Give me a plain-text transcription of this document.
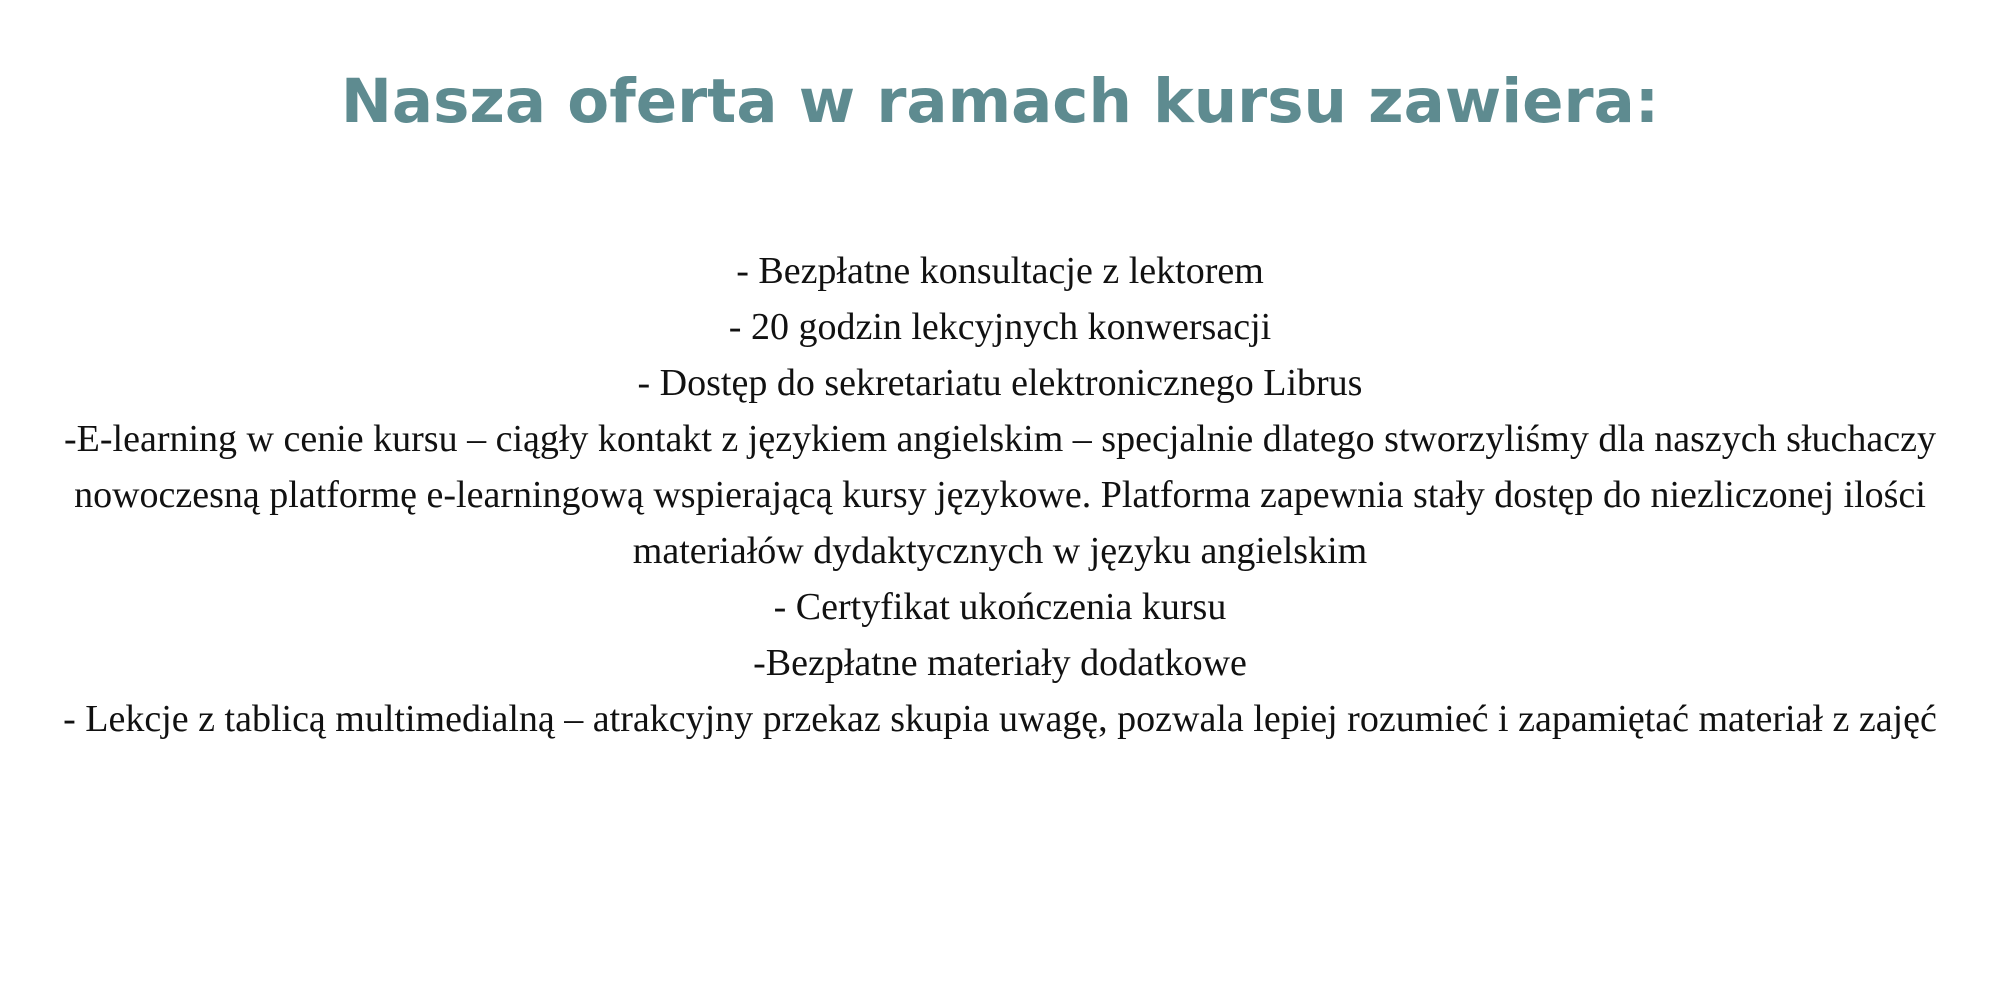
Nasza oferta w ramach kursu zawiera:

- Bezpłatne konsultacje z lektorem

- 20 godzin lekcyjnych konwersacji

- Dostęp do sekretariatu elektronicznego Librus

-E-learning w cenie kursu – ciągły kontakt z językiem angielskim – specjalnie dlatego stworzyliśmy dla naszych słuchaczy nowoczesną platformę e-learningową wspierającą kursy językowe. Platforma zapewnia stały dostęp do niezliczonej ilości materiałów dydaktycznych w języku angielskim

- Certyfikat ukończenia kursu

-Bezpłatne materiały dodatkowe

- Lekcje z tablicą multimedialną – atrakcyjny przekaz skupia uwagę, pozwala lepiej rozumieć i zapamiętać materiał z zajęć
